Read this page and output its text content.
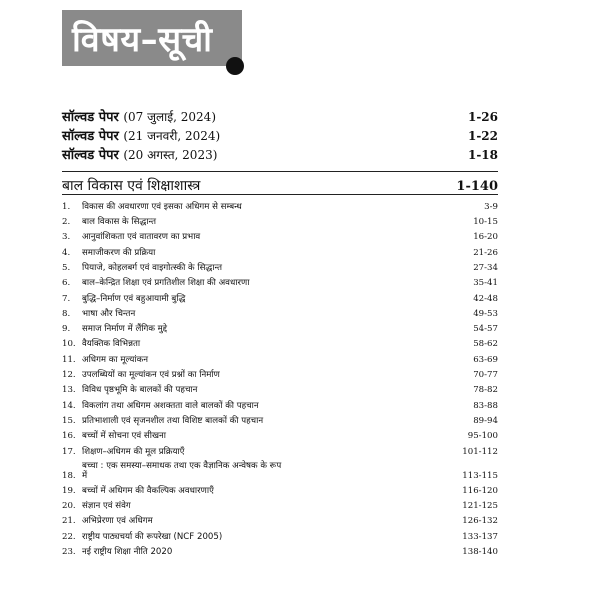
विषय–सूची
सॉल्वड पेपर (07 जुलाई, 2024)	1-26
सॉल्वड पेपर (21 जनवरी, 2024)	1-22
सॉल्वड पेपर (20 अगस्त, 2023)	1-18
बाल विकास एवं शिक्षाशास्त्र	1-140
1.	विकास की अवधारणा एवं इसका अधिगम से सम्बन्ध	3-9
2.	बाल विकास के सिद्धान्त	10-15
3.	आनुवांशिकता एवं वातावरण का प्रभाव	16-20
4.	समाजीकरण की प्रक्रिया	21-26
5.	पियाजे, कोहलबर्ग एवं वाइगोत्स्की के सिद्धान्त	27-34
6.	बाल–केन्द्रित शिक्षा एवं प्रगतिशील शिक्षा की अवधारणा	35-41
7.	बुद्धि–निर्माण एवं बहुआयामी बुद्धि	42-48
8.	भाषा और चिन्तन	49-53
9.	समाज निर्माण में लैंगिक मुद्दे	54-57
10. वैयक्तिक विभिन्नता	58-62
11. अधिगम का मूल्यांकन	63-69
12. उपलब्धियों का मूल्यांकन एवं प्रश्नों का निर्माण	70-77
13. विविध पृष्ठभूमि के बालकों की पहचान	78-82
14. विकलांग तथा अधिगम अशक्तता वाले बालकों की पहचान	83-88
15. प्रतिभाशाली एवं सृजनशील तथा विशिष्ट बालकों की पहचान	89-94
16. बच्चों में सोचना एवं सीखना	95-100
17. शिक्षण–अधिगम की मूल प्रक्रियाएँ	101-112
18.
बच्चा : एक समस्या–समाधक तथा एक वैज्ञानिक अन्वेषक के रूप में	113-115
19. बच्चों में अधिगम की वैकल्पिक अवधारणाएँ	116-120
20. संज्ञान एवं संवेग	121-125
21. अभिप्रेरणा एवं अधिगम	126-132
22. राष्ट्रीय पाठ्यचर्या की रूपरेखा (NCF 2005)	133-137
23. नई राष्ट्रीय शिक्षा नीति 2020	138-140
